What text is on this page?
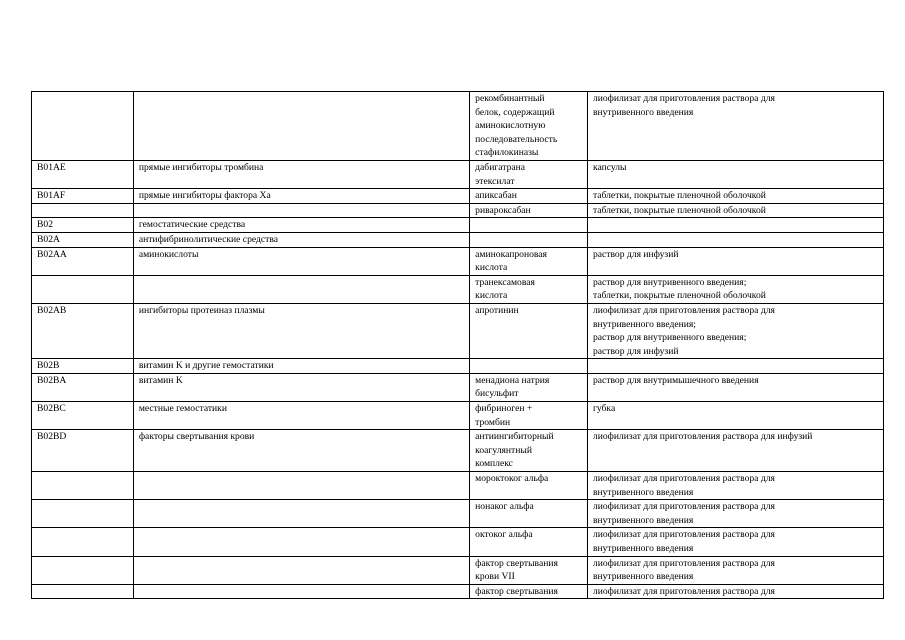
		рекомбинантный
белок, содержащий
аминокислотную
последовательность
стафилокиназы	лиофилизат для приготовления раствора для
внутривенного введения

B01AE	прямые ингибиторы тромбина	дабигатрана
этексилат	капсулы

B01AF	прямые ингибиторы фактора Xa	апиксабан	таблетки, покрытые пленочной оболочкой

		ривароксабан	таблетки, покрытые пленочной оболочкой

B02	гемостатические средства		

B02A	антифибринолитические средства		

B02AA	аминокислоты	аминокапроновая
кислота	раствор для инфузий

		транексамовая
кислота	раствор для внутривенного введения;
таблетки, покрытые пленочной оболочкой

B02AB	ингибиторы протеиназ плазмы	апротинин	лиофилизат для приготовления раствора для
внутривенного введения;
раствор для внутривенного введения;
раствор для инфузий

B02B	витамин K и другие гемостатики		

B02BA	витамин K	менадиона натрия
бисульфит	раствор для внутримышечного введения

B02BC	местные гемостатики	фибриноген +
тромбин	губка

B02BD	факторы свертывания крови	антиингибиторный
коагулянтный
комплекс	лиофилизат для приготовления раствора для инфузий

		мороктоког альфа	лиофилизат для приготовления раствора для
внутривенного введения

		нонаког альфа	лиофилизат для приготовления раствора для
внутривенного введения

		октоког альфа	лиофилизат для приготовления раствора для
внутривенного введения

		фактор свертывания
крови VII	лиофилизат для приготовления раствора для
внутривенного введения

		фактор свертывания	лиофилизат для приготовления раствора для
